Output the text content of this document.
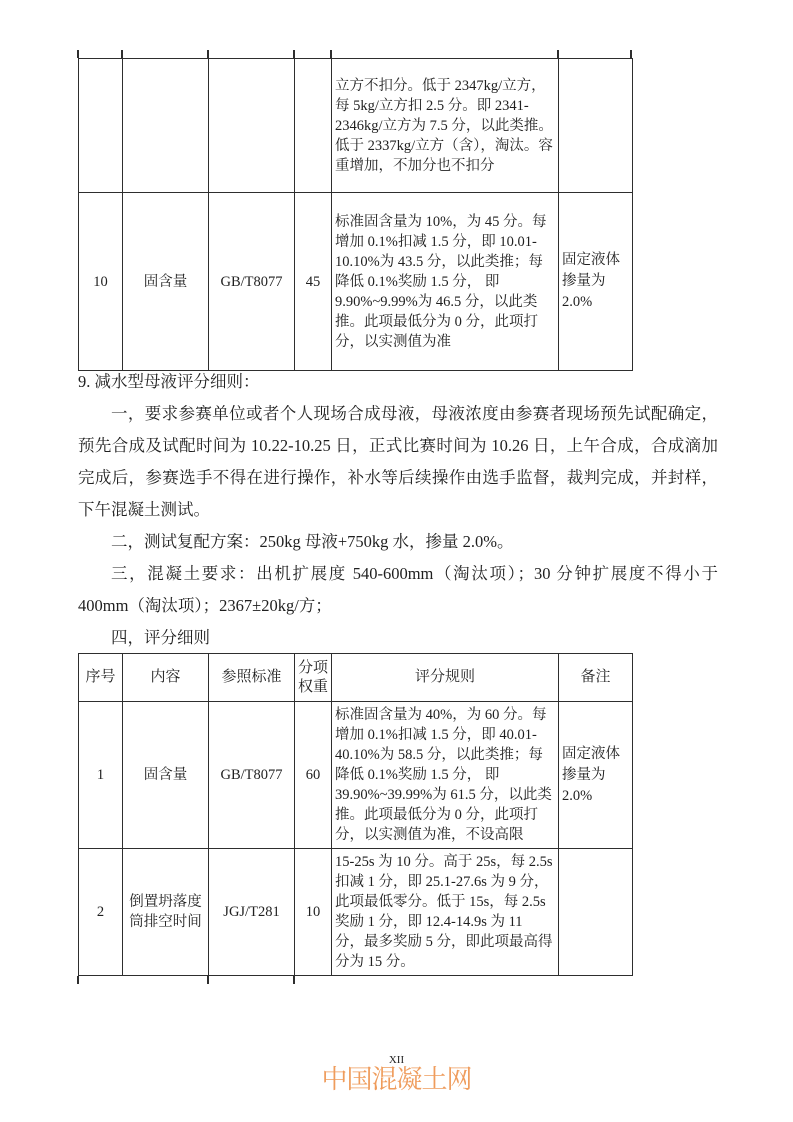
				立方不扣分。低于 2347kg/立方，每 5kg/立方扣 2.5 分。即 2341-2346kg/立方为 7.5 分，以此类推。低于 2337kg/立方（含），淘汰。容重增加，不加分也不扣分	
10	固含量	GB/T8077	45	标准固含量为 10%，为 45 分。每增加 0.1%扣减 1.5 分，即 10.01-10.10%为 43.5 分，以此类推；每降低 0.1%奖励 1.5 分， 即 9.90%~9.99%为 46.5 分，以此类推。此项最低分为 0 分，此项打分，以实测值为准	固定液体掺量为 2.0%
9. 减水型母液评分细则：

一，要求参赛单位或者个人现场合成母液，母液浓度由参赛者现场预先试配确定，预先合成及试配时间为 10.22-10.25 日，正式比赛时间为 10.26 日，上午合成，合成滴加完成后，参赛选手不得在进行操作，补水等后续操作由选手监督，裁判完成，并封样，下午混凝土测试。

二，测试复配方案：250kg 母液+750kg 水，掺量 2.0%。

三，混凝土要求：出机扩展度 540-600mm（淘汰项）；30 分钟扩展度不得小于 400mm（淘汰项）；2367±20kg/方；

四，评分细则

序号	内容	参照标准	分项权重	评分规则	备注
1	固含量	GB/T8077	60	标准固含量为 40%，为 60 分。每增加 0.1%扣减 1.5 分，即 40.01-40.10%为 58.5 分，以此类推；每降低 0.1%奖励 1.5 分， 即 39.90%~39.99%为 61.5 分，以此类推。此项最低分为 0 分，此项打分，以实测值为准，不设高限	固定液体掺量为 2.0%
2	倒置坍落度筒排空时间	JGJ/T281	10	15-25s 为 10 分。高于 25s，每 2.5s 扣减 1 分，即 25.1-27.6s 为 9 分，此项最低零分。低于 15s，每 2.5s 奖励 1 分，即 12.4-14.9s 为 11 分，最多奖励 5 分，即此项最高得分为 15 分。	
中国混凝土网
XII
